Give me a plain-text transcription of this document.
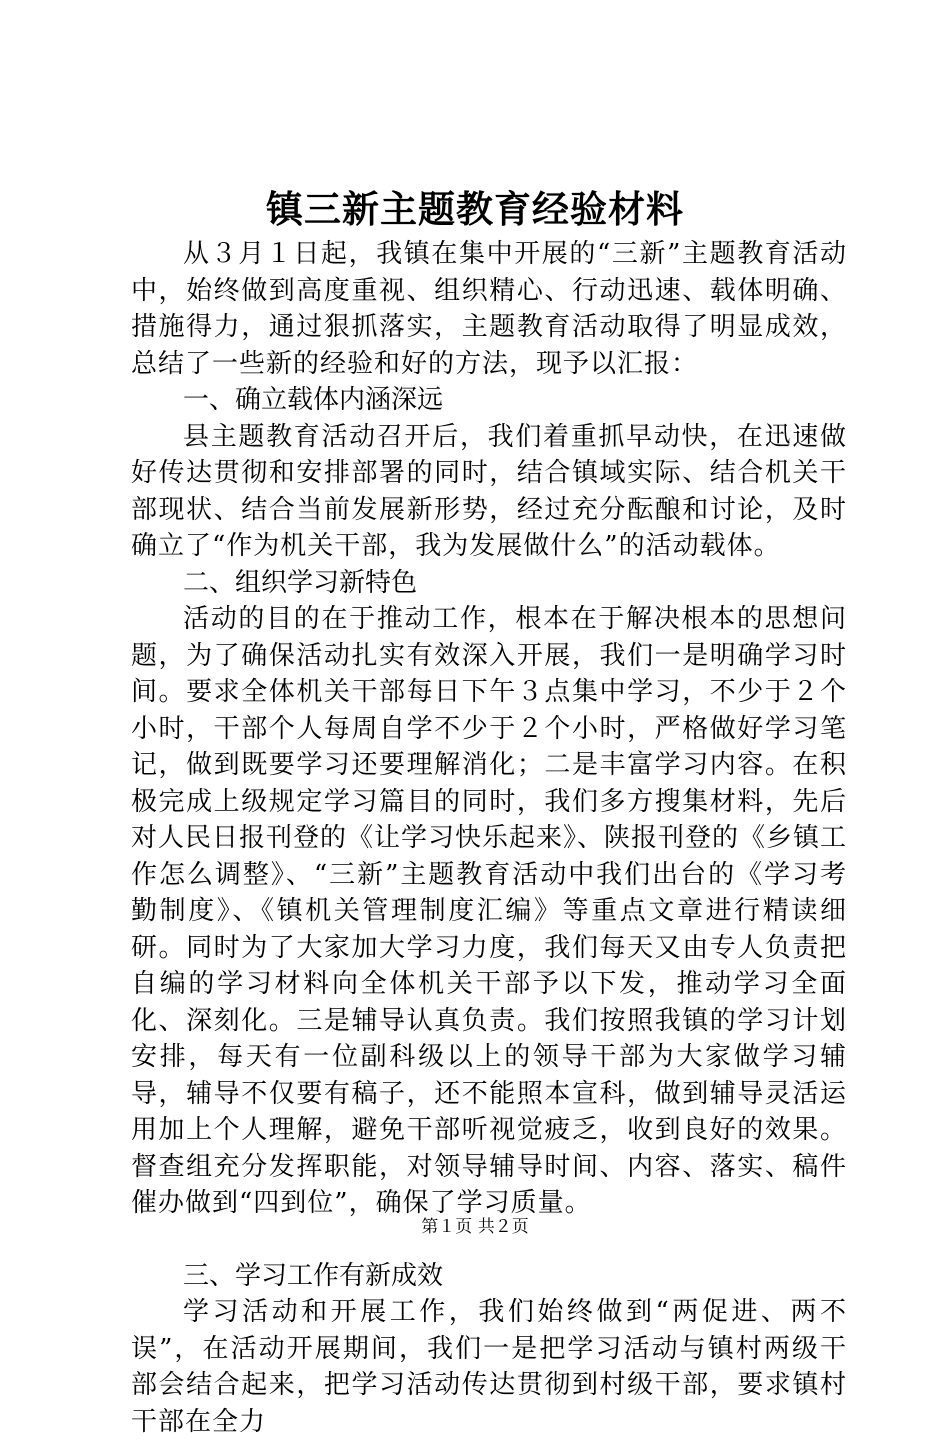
镇三新主题教育经验材料

从３月１日起，我镇在集中开展的“三新”主题教育活动中，始终做到高度重视、组织精心、行动迅速、载体明确、措施得力，通过狠抓落实，主题教育活动取得了明显成效，总结了一些新的经验和好的方法，现予以汇报：

一、确立载体内涵深远

县主题教育活动召开后，我们着重抓早动快，在迅速做好传达贯彻和安排部署的同时，结合镇域实际、结合机关干部现状、结合当前发展新形势，经过充分酝酿和讨论，及时确立了“作为机关干部，我为发展做什么”的活动载体。

二、组织学习新特色

活动的目的在于推动工作，根本在于解决根本的思想问题，为了确保活动扎实有效深入开展，我们一是明确学习时间。要求全体机关干部每日下午３点集中学习，不少于２个小时，干部个人每周自学不少于２个小时，严格做好学习笔记，做到既要学习还要理解消化；二是丰富学习内容。在积极完成上级规定学习篇目的同时，我们多方搜集材料，先后对人民日报刊登的《让学习快乐起来》、陕报刊登的《乡镇工作怎么调整》、“三新”主题教育活动中我们出台的《学习考勤制度》、《镇机关管理制度汇编》等重点文章进行精读细研。同时为了大家加大学习力度，我们每天又由专人负责把自编的学习材料向全体机关干部予以下发，推动学习全面化、深刻化。三是辅导认真负责。我们按照我镇的学习计划安排，每天有一位副科级以上的领导干部为大家做学习辅导，辅导不仅要有稿子，还不能照本宣科，做到辅导灵活运用加上个人理解，避免干部听视觉疲乏，收到良好的效果。督查组充分发挥职能，对领导辅导时间、内容、落实、稿件催办做到“四到位”，确保了学习质量。

三、学习工作有新成效

学习活动和开展工作，我们始终做到“两促进、两不误”，在活动开展期间，我们一是把学习活动与镇村两级干部会结合起来，把学习活动传达贯彻到村级干部，要求镇村干部在全力

第１页 共２页
